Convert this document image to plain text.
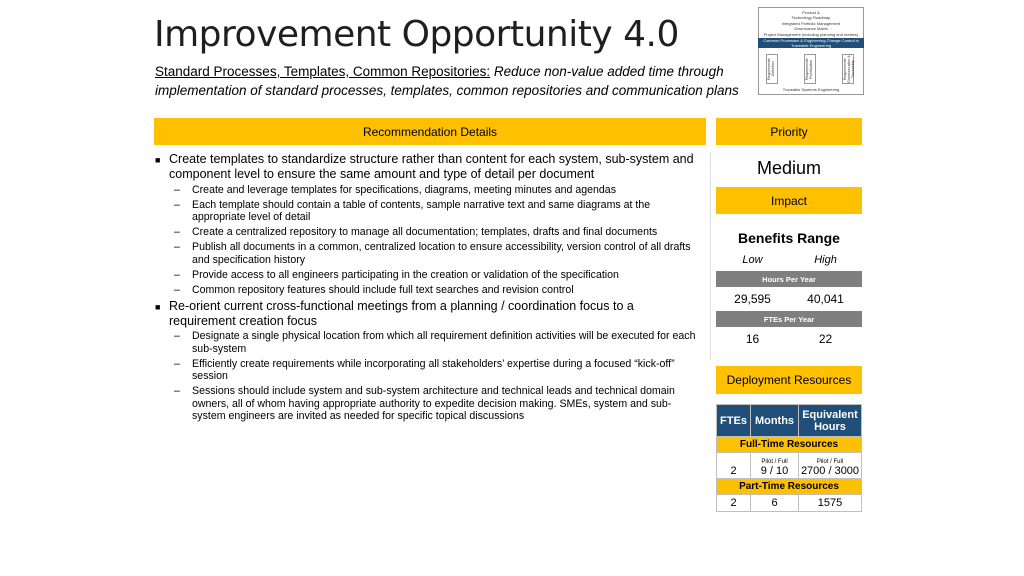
Improvement Opportunity 4.0
Standard Processes, Templates, Common Repositories: Reduce non-value added time through implementation of standard processes, templates, common repositories and communication plans
Product &
Technology Roadmap
Integrated Portfolio Management
Governance Matrix
Project Management (including planning and metrics)
Common Processes & Engineering Change Control in Traceable Engineering
Requirements Definition	Requirements Prioritization	Requirements Communication & Traceability
Traceable Systems Engineering
Recommendation Details	Priority
■ Create templates to standardize structure rather than content for each system, sub-system and component level to ensure the same amount and type of detail per document
– Create and leverage templates for specifications, diagrams, meeting minutes and agendas
– Each template should contain a table of contents, sample narrative text and same diagrams at the appropriate level of detail
– Create a centralized repository to manage all documentation; templates, drafts and final documents
– Publish all documents in a common, centralized location to ensure accessibility, version control of all drafts and specification history
– Provide access to all engineers participating in the creation or validation of the specification
– Common repository features should include full text searches and revision control
■ Re-orient current cross-functional meetings from a planning / coordination focus to a requirement creation focus
– Designate a single physical location from which all requirement definition activities will be executed for each sub-system
– Efficiently create requirements while incorporating all stakeholders’ expertise during a focused “kick-off” session
– Sessions should include system and sub-system architecture and technical leads and technical domain owners, all of whom having appropriate authority to expedite decision making. SMEs, system and sub-system engineers are invited as needed for specific topical discussions
Medium
Impact
Benefits Range
Low	High
Hours Per Year
29,595	40,041
FTEs Per Year
16	22
Deployment Resources
FTEs	Months	Equivalent Hours
Full-Time Resources		
	Pilot / Full	Pilot / Full
2	9 / 10	2700 / 3000
Part-Time Resources		
2	6	1575
